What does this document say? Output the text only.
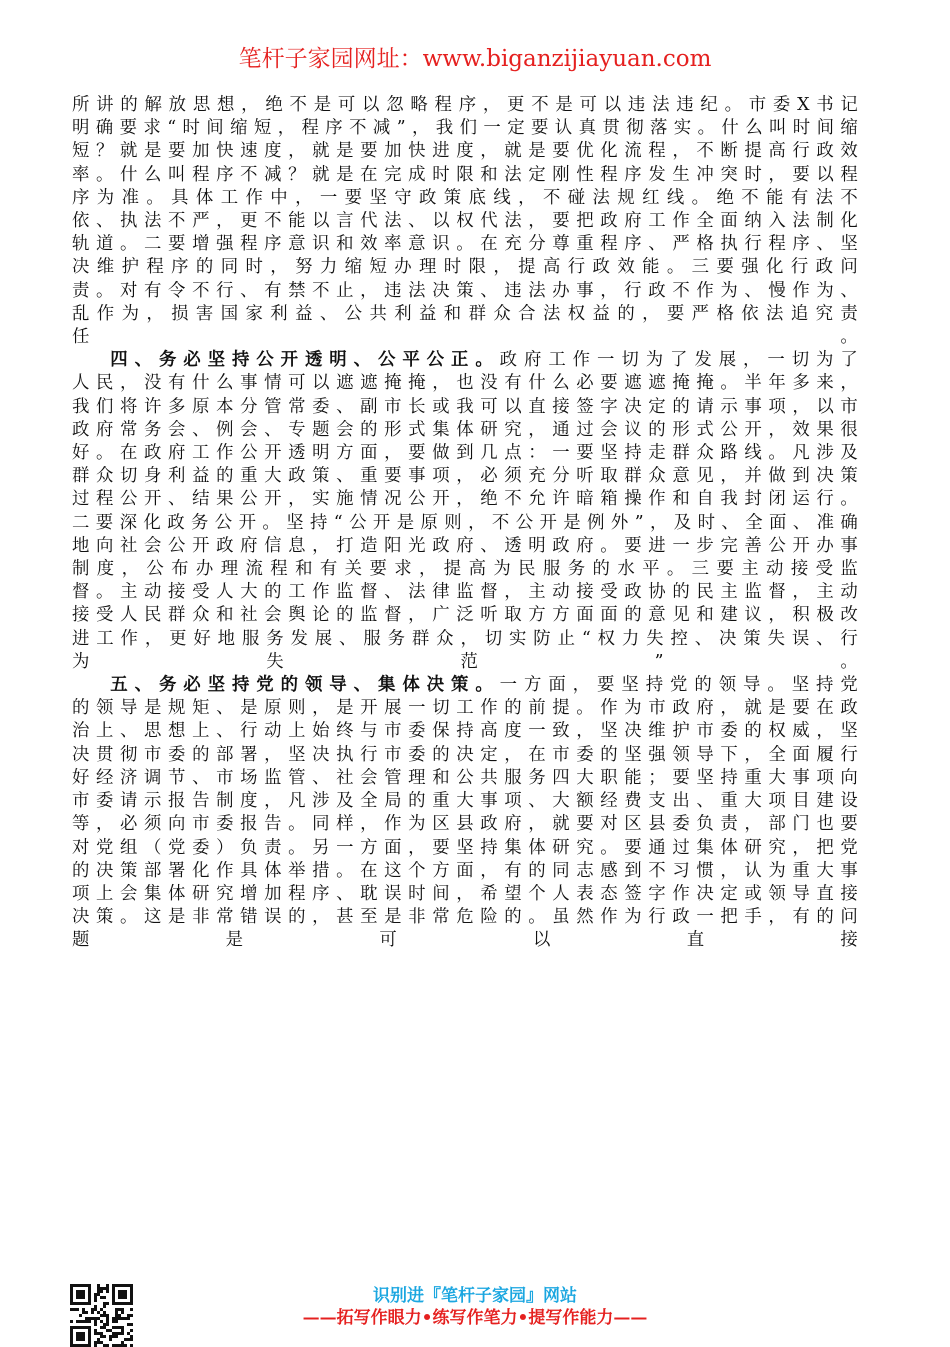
笔杆子家园网址：www.biganzijiayuan.com

所讲的解放思想，绝不是可以忽略程序，更不是可以违法违纪。市委X书记明确要求“时间缩短，程序不减”，我们一定要认真贯彻落实。什么叫时间缩短？就是要加快速度，就是要加快进度，就是要优化流程，不断提高行政效率。什么叫程序不减？就是在完成时限和法定刚性程序发生冲突时，要以程序为准。具体工作中，一要坚守政策底线，不碰法规红线。绝不能有法不依、执法不严，更不能以言代法、以权代法，要把政府工作全面纳入法制化轨道。二要增强程序意识和效率意识。在充分尊重程序、严格执行程序、坚决维护程序的同时，努力缩短办理时限，提高行政效能。三要强化行政问责。对有令不行、有禁不止，违法决策、违法办事，行政不作为、慢作为、乱作为，损害国家利益、公共利益和群众合法权益的，要严格依法追究责任。

四、务必坚持公开透明、公平公正。政府工作一切为了发展，一切为了人民，没有什么事情可以遮遮掩掩，也没有什么必要遮遮掩掩。半年多来，我们将许多原本分管常委、副市长或我可以直接签字决定的请示事项，以市政府常务会、例会、专题会的形式集体研究，通过会议的形式公开，效果很好。在政府工作公开透明方面，要做到几点：一要坚持走群众路线。凡涉及群众切身利益的重大政策、重要事项，必须充分听取群众意见，并做到决策过程公开、结果公开，实施情况公开，绝不允许暗箱操作和自我封闭运行。二要深化政务公开。坚持“公开是原则，不公开是例外”，及时、全面、准确地向社会公开政府信息，打造阳光政府、透明政府。要进一步完善公开办事制度，公布办理流程和有关要求，提高为民服务的水平。三要主动接受监督。主动接受人大的工作监督、法律监督，主动接受政协的民主监督，主动接受人民群众和社会舆论的监督，广泛听取方方面面的意见和建议，积极改进工作，更好地服务发展、服务群众，切实防止“权力失控、决策失误、行为失范”。

五、务必坚持党的领导、集体决策。一方面，要坚持党的领导。坚持党的领导是规矩、是原则，是开展一切工作的前提。作为市政府，就是要在政治上、思想上、行动上始终与市委保持高度一致，坚决维护市委的权威，坚决贯彻市委的部署，坚决执行市委的决定，在市委的坚强领导下，全面履行好经济调节、市场监管、社会管理和公共服务四大职能；要坚持重大事项向市委请示报告制度，凡涉及全局的重大事项、大额经费支出、重大项目建设等，必须向市委报告。同样，作为区县政府，就要对区县委负责，部门也要对党组（党委）负责。另一方面，要坚持集体研究。要通过集体研究，把党的决策部署化作具体举措。在这个方面，有的同志感到不习惯，认为重大事项上会集体研究增加程序、耽误时间，希望个人表态签字作决定或领导直接决策。这是非常错误的，甚至是非常危险的。虽然作为行政一把手，有的问题是可以直接

识别进『笔杆子家园』网站
——拓写作眼力•练写作笔力•提写作能力——
